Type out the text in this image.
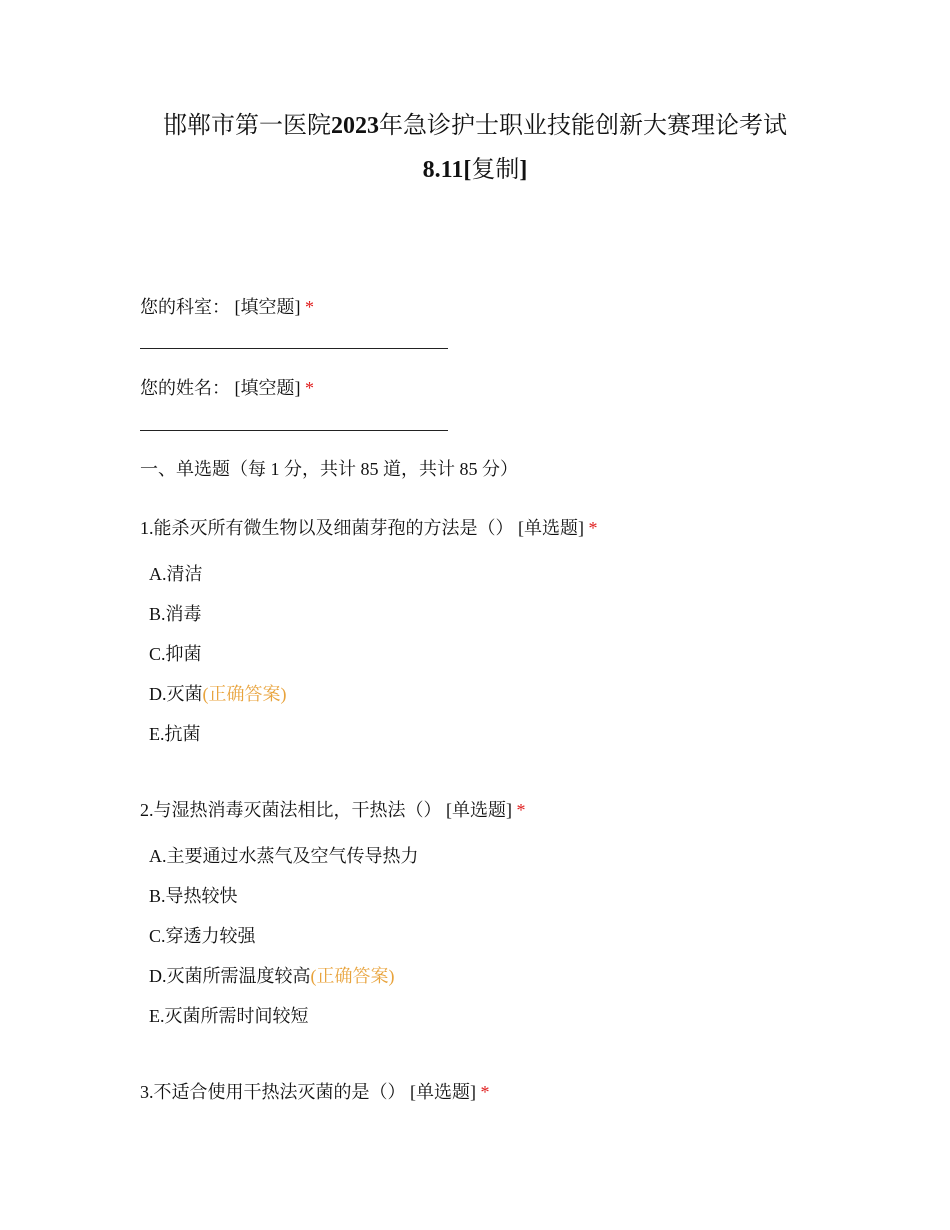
邯郸市第一医院2023年急诊护士职业技能创新大赛理论考试
8.11[复制]
您的科室： [填空题] *
您的姓名： [填空题] *
一、单选题（每 1 分，共计 85 道，共计 85 分）
1.能杀灭所有微生物以及细菌芽孢的方法是（） [单选题] *
A.清洁
B.消毒
C.抑菌
D.灭菌(正确答案)
E.抗菌
2.与湿热消毒灭菌法相比，干热法（） [单选题] *
A.主要通过水蒸气及空气传导热力
B.导热较快
C.穿透力较强
D.灭菌所需温度较高(正确答案)
E.灭菌所需时间较短
3.不适合使用干热法灭菌的是（） [单选题] *
